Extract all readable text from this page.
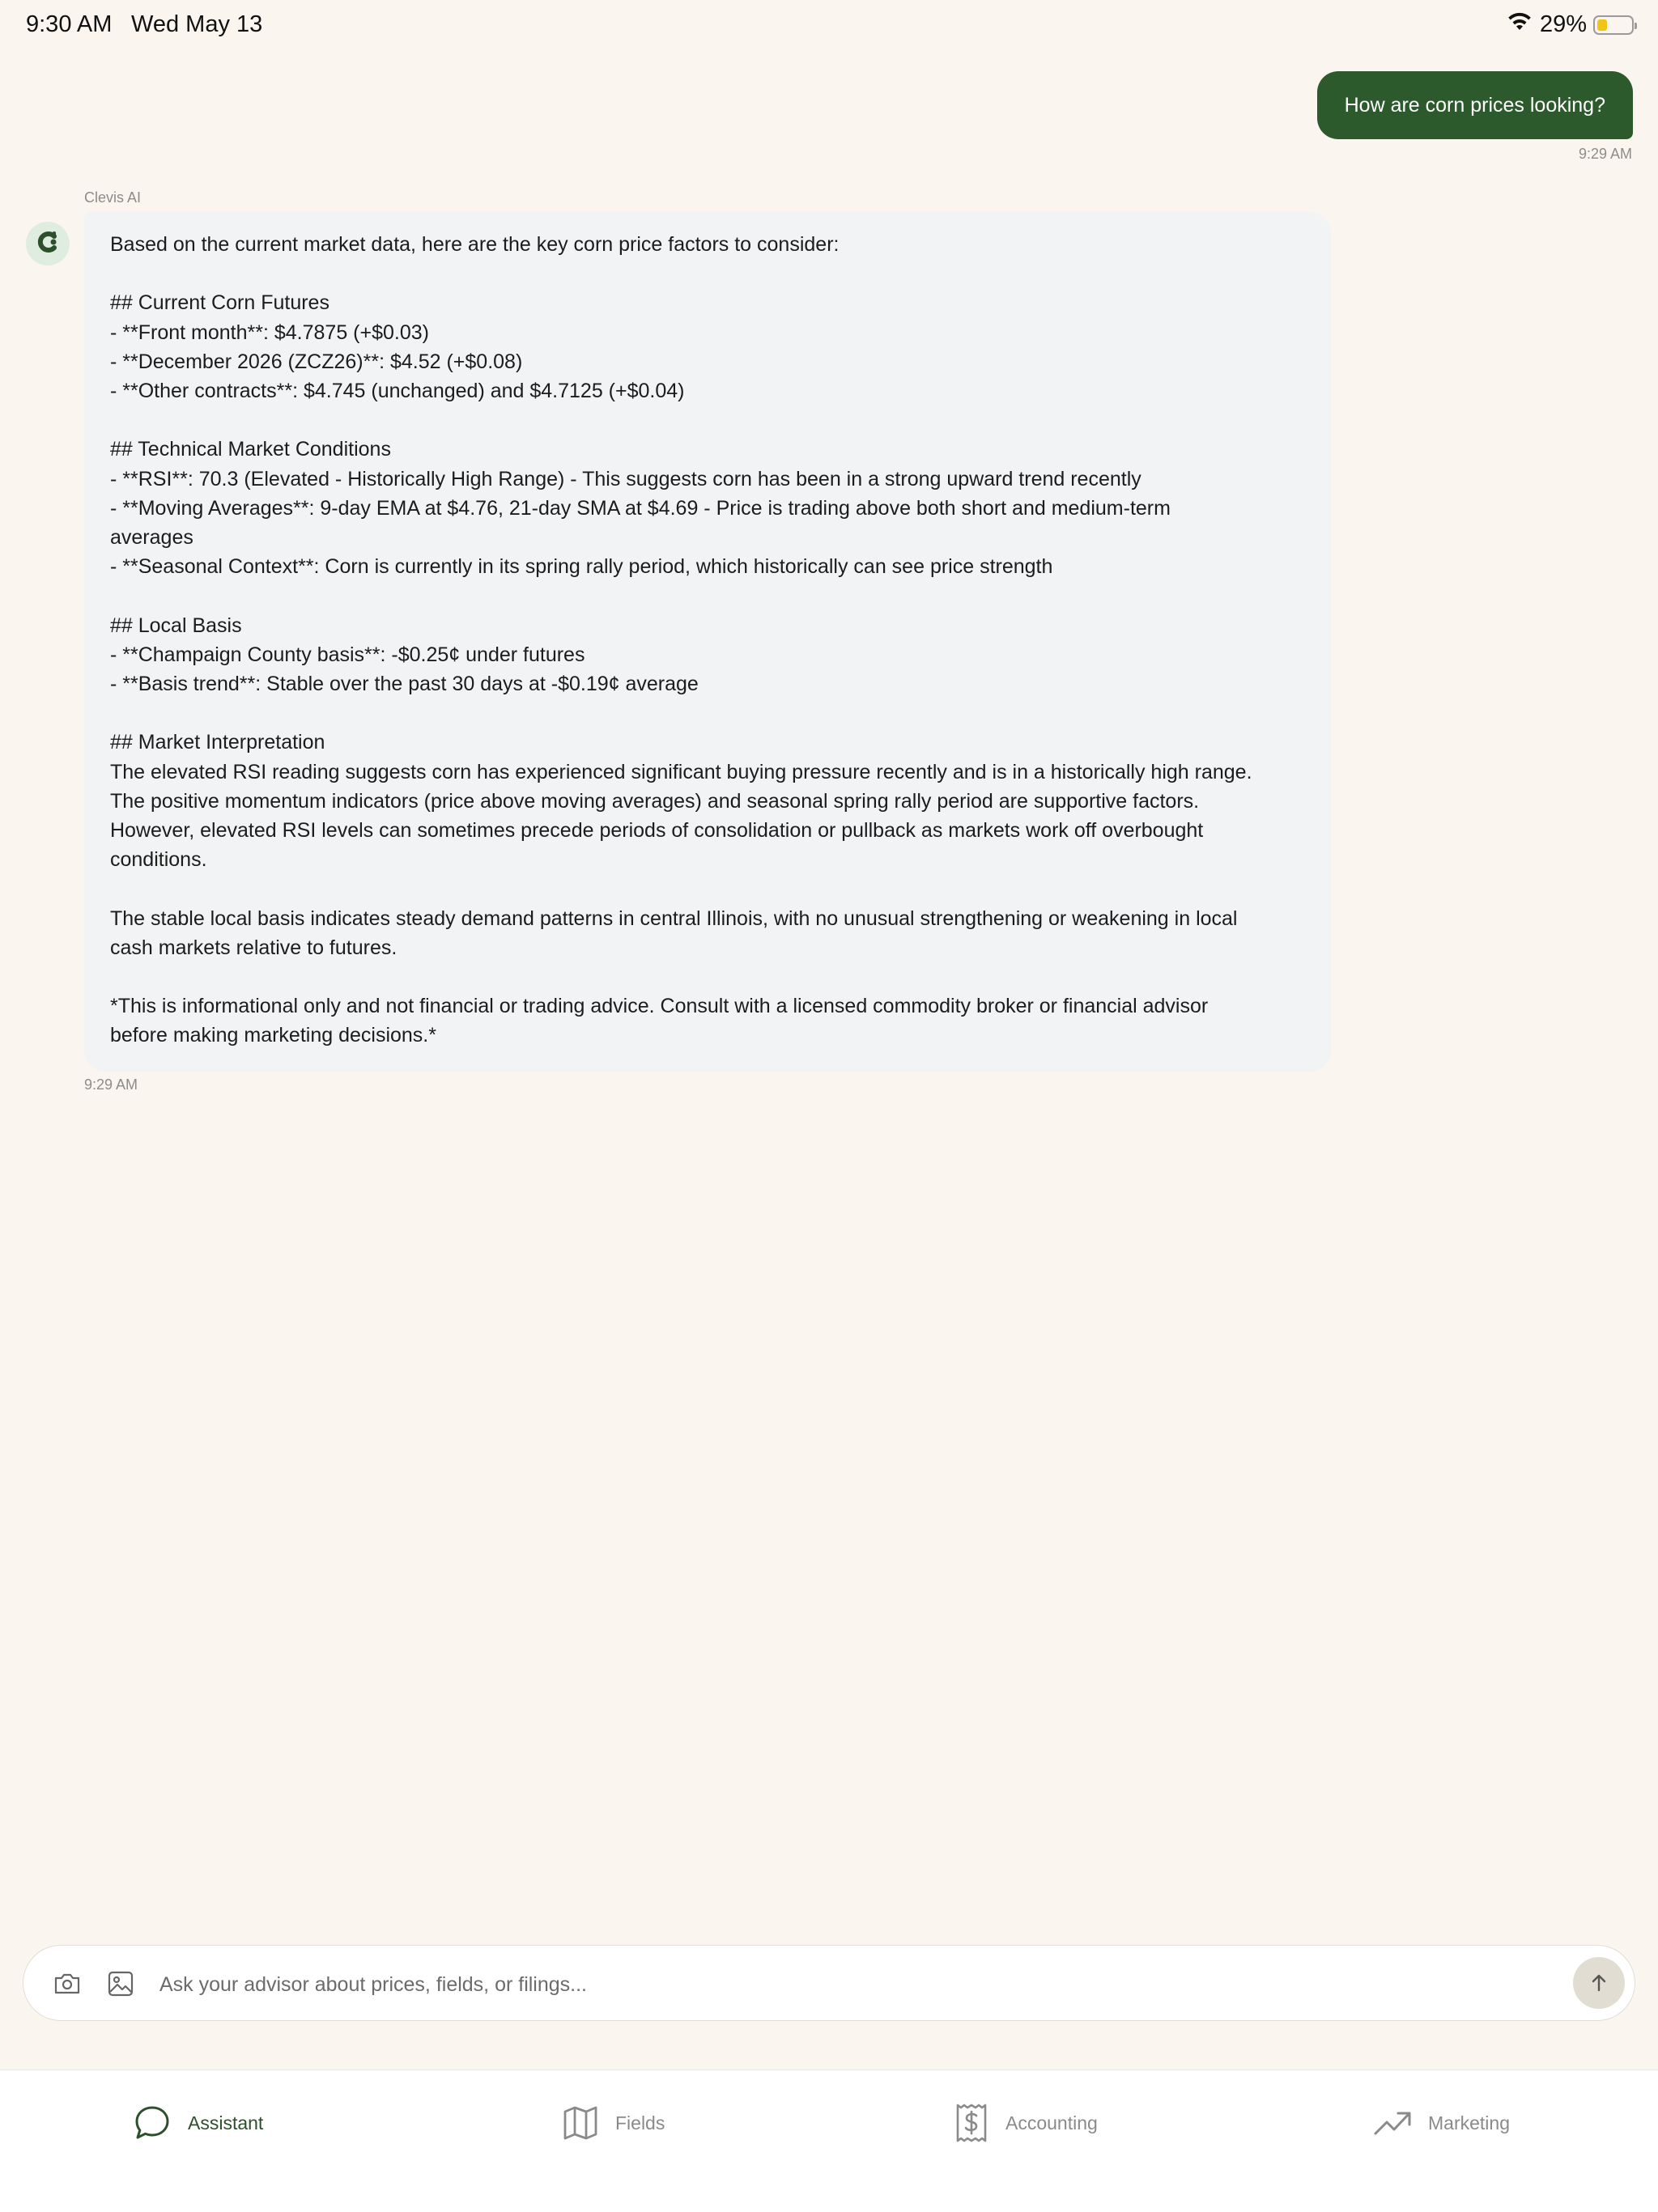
9:30 AM Wed May 13	29%
How are corn prices looking?
9:29 AM
Clevis AI

Based on the current market data, here are the key corn price factors to consider:

## Current Corn Futures

- **Front month**: $4.7875 (+$0.03)

- **December 2026 (ZCZ26)**: $4.52 (+$0.08)

- **Other contracts**: $4.745 (unchanged) and $4.7125 (+$0.04)

## Technical Market Conditions

- **RSI**: 70.3 (Elevated - Historically High Range) - This suggests corn has been in a strong upward trend recently

- **Moving Averages**: 9-day EMA at $4.76, 21-day SMA at $4.69 - Price is trading above both short and medium-term

averages

- **Seasonal Context**: Corn is currently in its spring rally period, which historically can see price strength

## Local Basis

- **Champaign County basis**: -$0.25¢ under futures

- **Basis trend**: Stable over the past 30 days at -$0.19¢ average

## Market Interpretation

The elevated RSI reading suggests corn has experienced significant buying pressure recently and is in a historically high range.

The positive momentum indicators (price above moving averages) and seasonal spring rally period are supportive factors.

However, elevated RSI levels can sometimes precede periods of consolidation or pullback as markets work off overbought

conditions.

The stable local basis indicates steady demand patterns in central Illinois, with no unusual strengthening or weakening in local

cash markets relative to futures.

*This is informational only and not financial or trading advice. Consult with a licensed commodity broker or financial advisor

before making marketing decisions.*

9:29 AM
Ask your advisor about prices, fields, or filings...
Assistant	Fields	Accounting	Marketing
